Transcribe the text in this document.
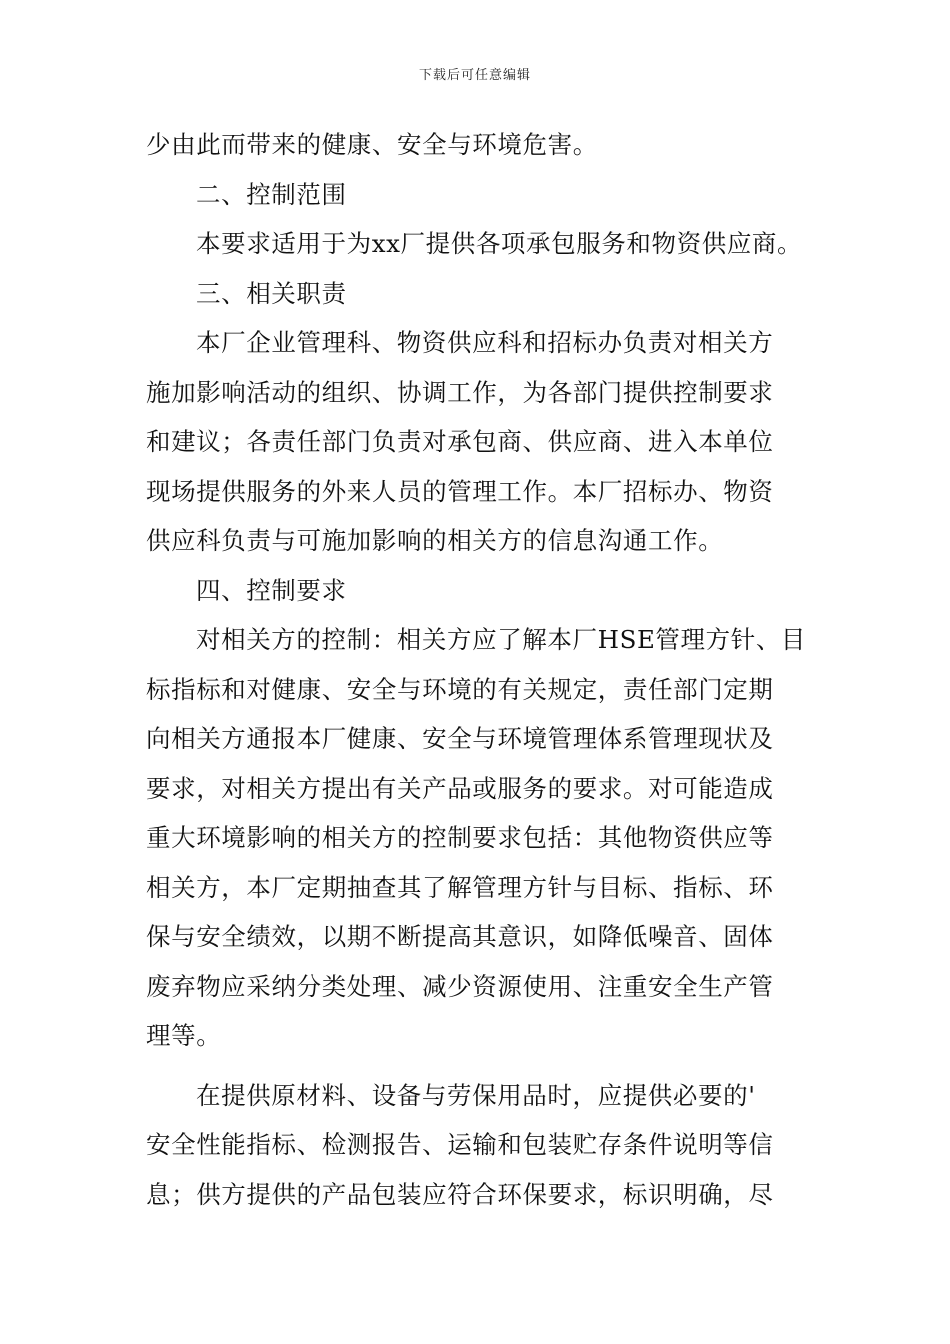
下载后可任意编辑
少由此而带来的健康、安全与环境危害。
二、控制范围
本要求适用于为xx厂提供各项承包服务和物资供应商。
三、相关职责
本厂企业管理科、物资供应科和招标办负责对相关方
施加影响活动的组织、协调工作，为各部门提供控制要求
和建议；各责任部门负责对承包商、供应商、进入本单位
现场提供服务的外来人员的管理工作。本厂招标办、物资
供应科负责与可施加影响的相关方的信息沟通工作。
四、控制要求
对相关方的控制：相关方应了解本厂HSE管理方针、目
标指标和对健康、安全与环境的有关规定，责任部门定期
向相关方通报本厂健康、安全与环境管理体系管理现状及
要求，对相关方提出有关产品或服务的要求。对可能造成
重大环境影响的相关方的控制要求包括：其他物资供应等
相关方，本厂定期抽查其了解管理方针与目标、指标、环
保与安全绩效，以期不断提高其意识，如降低噪音、固体
废弃物应采纳分类处理、减少资源使用、注重安全生产管
理等。
在提供原材料、设备与劳保用品时，应提供必要的'
安全性能指标、检测报告、运输和包装贮存条件说明等信
息；供方提供的产品包装应符合环保要求，标识明确，尽
